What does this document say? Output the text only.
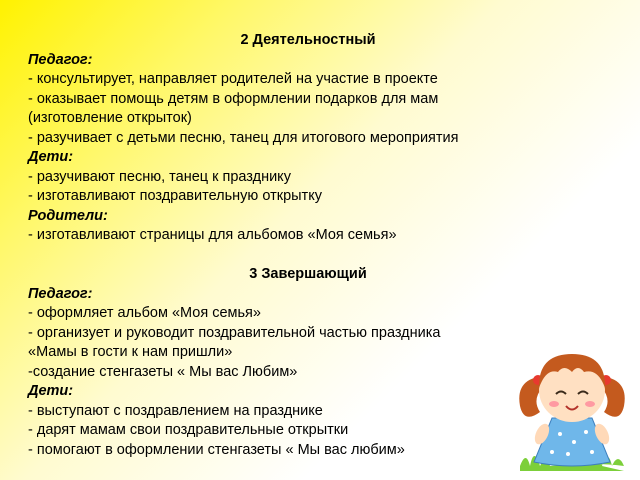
2 Деятельностный

Педагог:

- консультирует, направляет родителей на участие в проекте

- оказывает помощь детям в оформлении подарков для мам

(изготовление открыток)

- разучивает с детьми песню, танец для итогового мероприятия

Дети:

- разучивают песню, танец к празднику

- изготавливают поздравительную открытку

Родители:

- изготавливают страницы для альбомов «Моя семья»

3 Завершающий

Педагог:

- оформляет альбом «Моя семья»

- организует и руководит поздравительной частью праздника

«Мамы в гости к нам пришли»

-создание стенгазеты « Мы вас Любим»

Дети:

- выступают с поздравлением на празднике

- дарят мамам свои поздравительные открытки

- помогают в оформлении стенгазеты « Мы вас любим»
